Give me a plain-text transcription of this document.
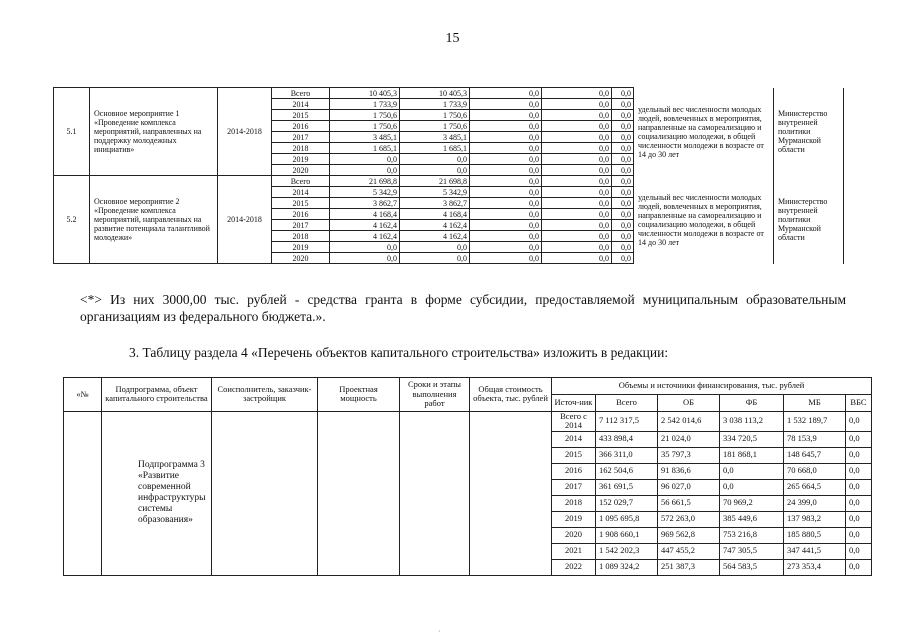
15
5.1	Основное мероприятие 1 «Проведение комплекса мероприятий, направленных на поддержку молодежных инициатив»	2014-2018	Всего	10 405,3	10 405,3	0,0	0,0	0,0			
			2014	1 733,9	1 733,9	0,0	0,0	0,0	удельный вес численности молодых людей, вовлеченных в мероприятия, направленные на самореализацию и социализацию молодежи, в общей численности молодежи в возрасте от 14 до 30 лет	Министерство внутренней политики Мурманской области	
			2015	1 750,6	1 750,6	0,0	0,0	0,0			
			2016	1 750,6	1 750,6	0,0	0,0	0,0			
			2017	3 485,1	3 485,1	0,0	0,0	0,0			
			2018	1 685,1	1 685,1	0,0	0,0	0,0			
			2019	0,0	0,0	0,0	0,0	0,0			
			2020	0,0	0,0	0,0	0,0	0,0			
5.2	Основное мероприятие 2 «Проведение комплекса мероприятий, направленных на развитие потенциала талантливой молодежи»	2014-2018	Всего	21 698,8	21 698,8	0,0	0,0	0,0			
			2014	5 342,9	5 342,9	0,0	0,0	0,0	удельный вес численности молодых людей, вовлеченных в мероприятия, направленные на самореализацию и социализацию молодежи, в общей численности молодежи в возрасте от 14 до 30 лет	Министерство внутренней политики Мурманской области	
			2015	3 862,7	3 862,7	0,0	0,0	0,0			
			2016	4 168,4	4 168,4	0,0	0,0	0,0			
			2017	4 162,4	4 162,4	0,0	0,0	0,0			
			2018	4 162,4	4 162,4	0,0	0,0	0,0			
			2019	0,0	0,0	0,0	0,0	0,0			
			2020	0,0	0,0	0,0	0,0	0,0			
<*> Из них 3000,00 тыс. рублей - средства гранта в форме субсидии, предоставляемой муниципальным образовательным организациям из федерального бюджета.».
3. Таблицу раздела 4 «Перечень объектов капитального строительства» изложить в редакции:
«№	Подпрограмма, объект капитального строительства	Соисполнитель, заказчик-застройщик	Проектная мощность	Сроки и этапы выполнения работ	Общая стоимость объекта, тыс. рублей	Объемы и источники финансирования, тыс. рублей					
						Источ-ник	Всего	ОБ	ФБ	МБ	ВБС
	Подпрограмма 3 «Развитие современной инфраструктуры системы образования»					Всего с 2014	7 112 317,5	2 542 014,6	3 038 113,2	1 532 189,7	0,0
						2014	433 898,4	21 024,0	334 720,5	78 153,9	0,0
						2015	366 311,0	35 797,3	181 868,1	148 645,7	0,0
						2016	162 504,6	91 836,6	0,0	70 668,0	0,0
						2017	361 691,5	96 027,0	0,0	265 664,5	0,0
						2018	152 029,7	56 661,5	70 969,2	24 399,0	0,0
						2019	1 095 695,8	572 263,0	385 449,6	137 983,2	0,0
						2020	1 908 660,1	969 562,8	753 216,8	185 880,5	0,0
						2021	1 542 202,3	447 455,2	747 305,5	347 441,5	0,0
						2022	1 089 324,2	251 387,3	564 583,5	273 353,4	0,0
·
